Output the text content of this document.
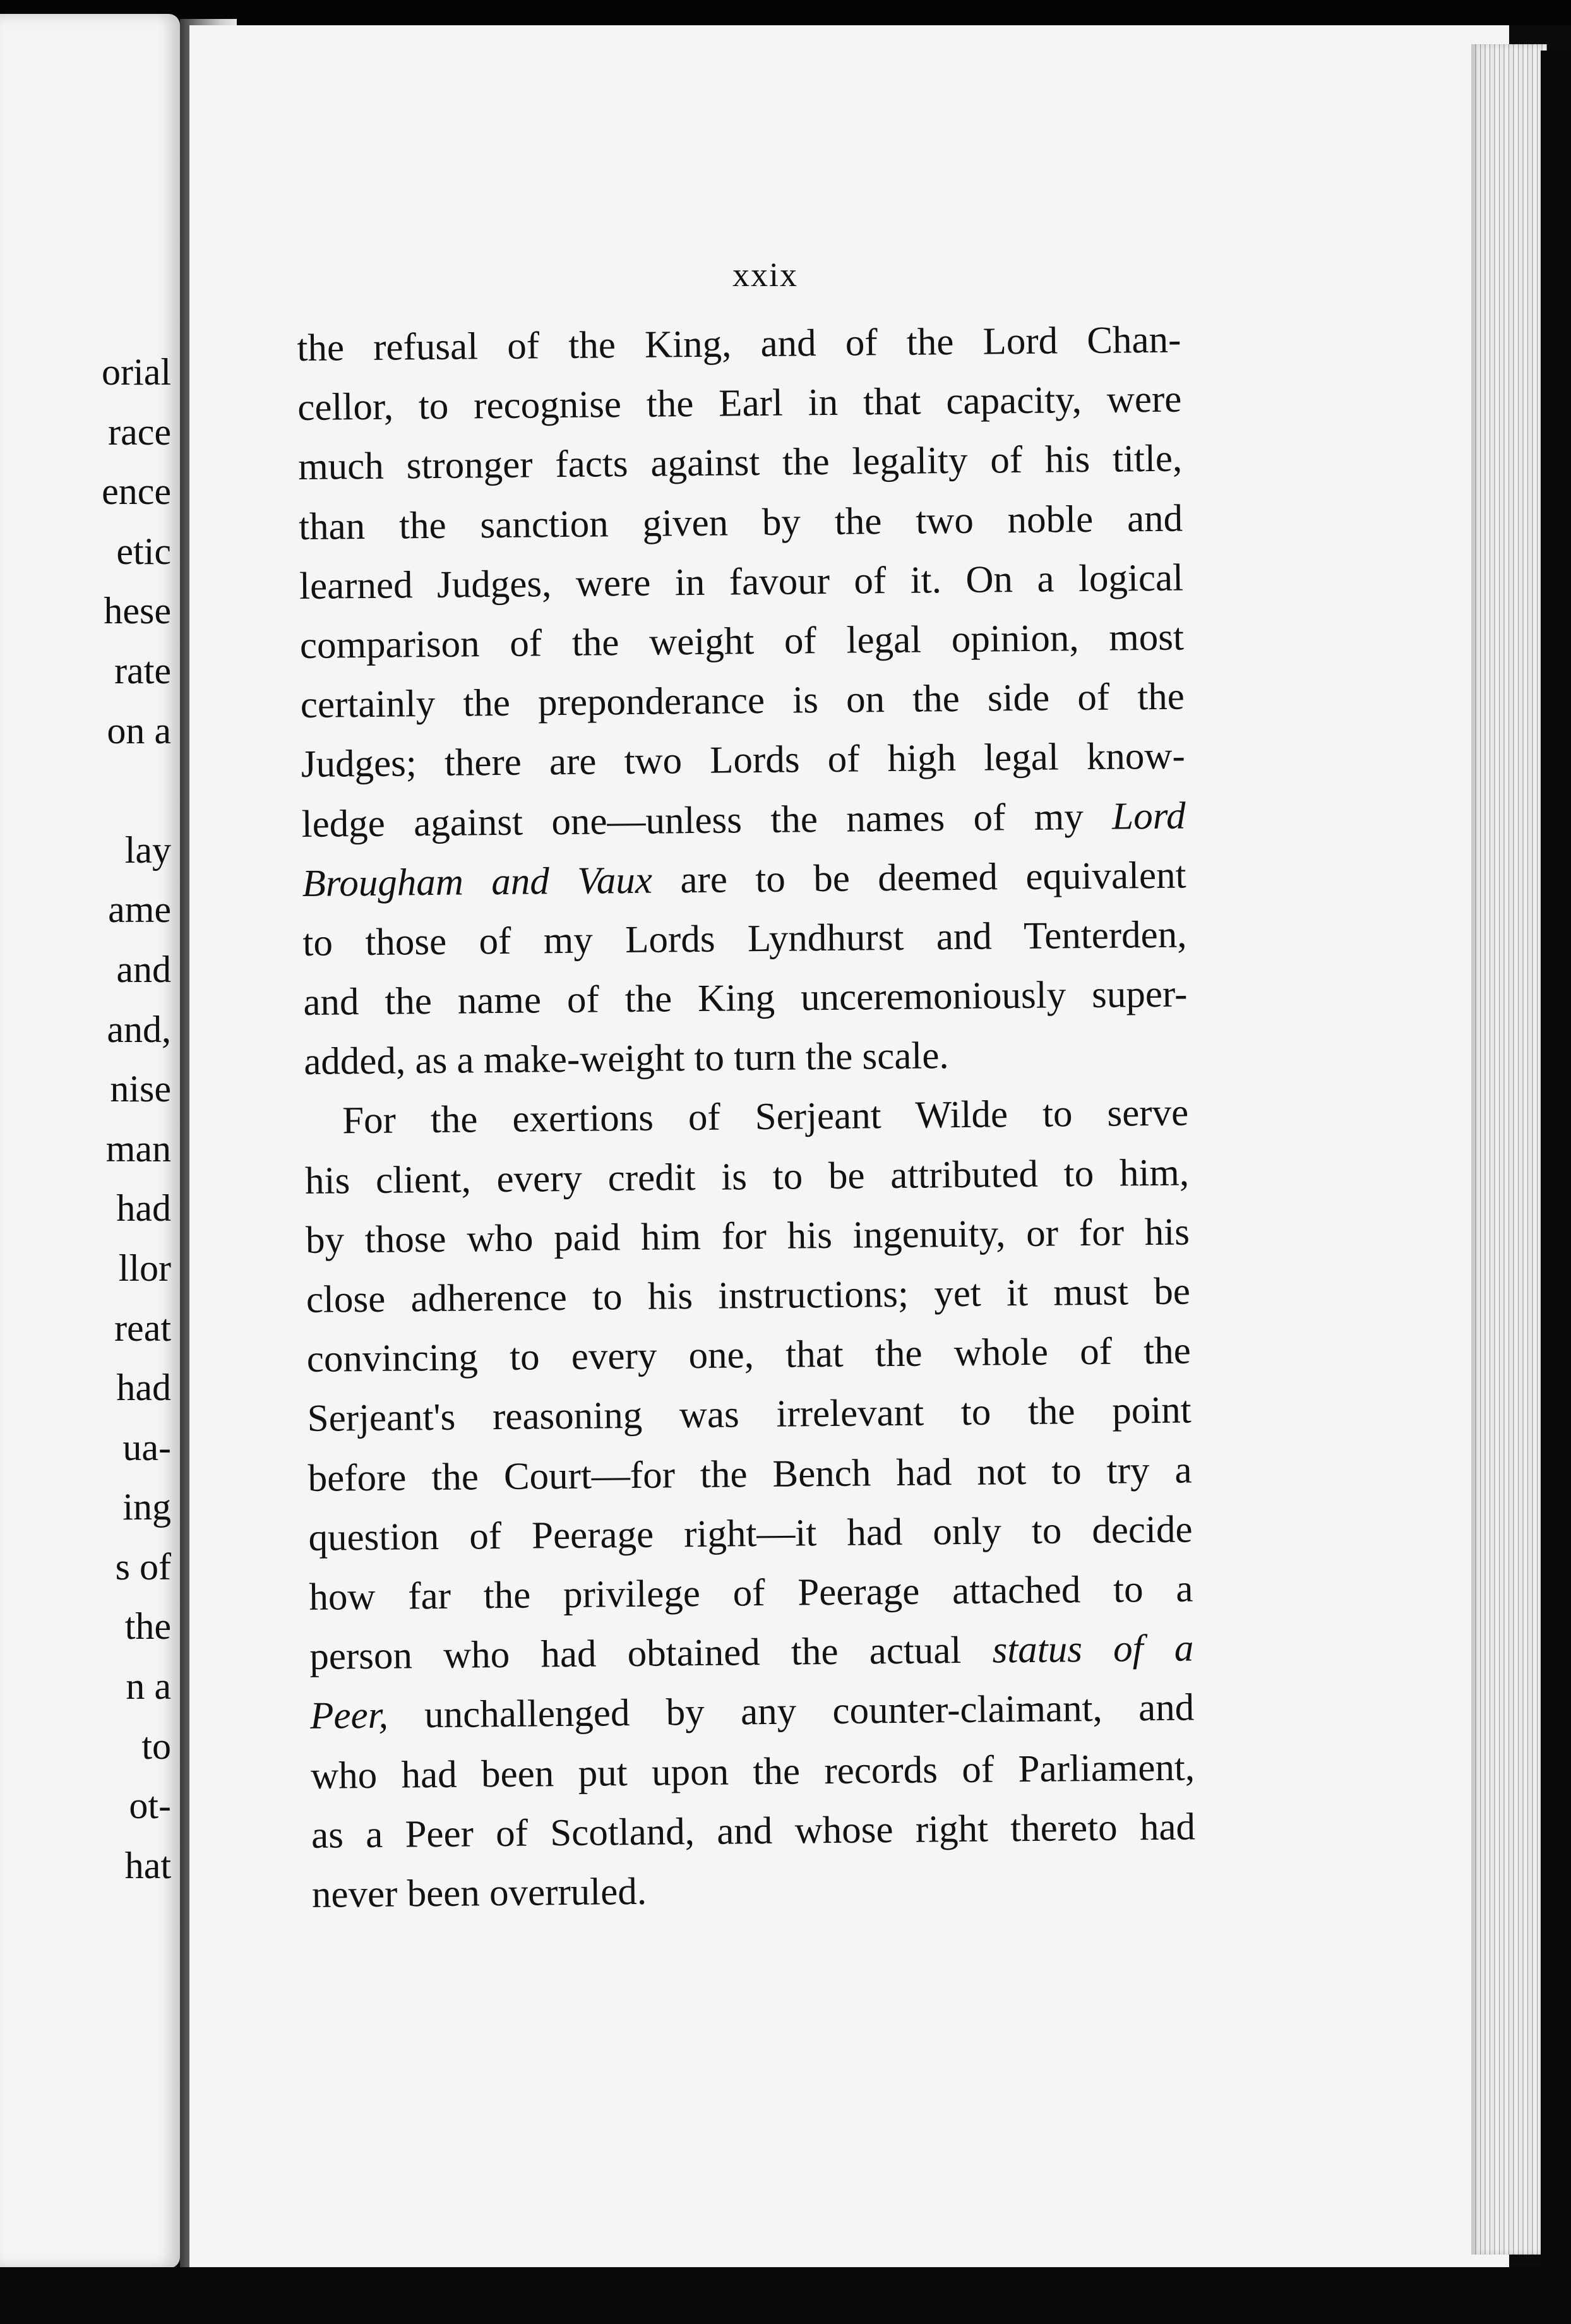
orial
race
ence
etic
hese
rate
on a

lay
ame
and
and,
nise
man
had
llor
reat
had
ua-
ing
s of
the
n a
to
ot-
hat
xxix
the refusal of the King, and of the Lord Chan-
cellor, to recognise the Earl in that capacity, were
much stronger facts against the legality of his title,
than the sanction given by the two noble and
learned Judges, were in favour of it. On a logical
comparison of the weight of legal opinion, most
certainly the preponderance is on the side of the
Judges; there are two Lords of high legal know-
ledge against one—unless the names of my Lord
Brougham and Vaux are to be deemed equivalent
to those of my Lords Lyndhurst and Tenterden,
and the name of the King unceremoniously super-
added, as a make-weight to turn the scale.
For the exertions of Serjeant Wilde to serve
his client, every credit is to be attributed to him,
by those who paid him for his ingenuity, or for his
close adherence to his instructions; yet it must be
convincing to every one, that the whole of the
Serjeant's reasoning was irrelevant to the point
before the Court—for the Bench had not to try a
question of Peerage right—it had only to decide
how far the privilege of Peerage attached to a
person who had obtained the actual status of a
Peer, unchallenged by any counter-claimant, and
who had been put upon the records of Parliament,
as a Peer of Scotland, and whose right thereto had
never been overruled.
